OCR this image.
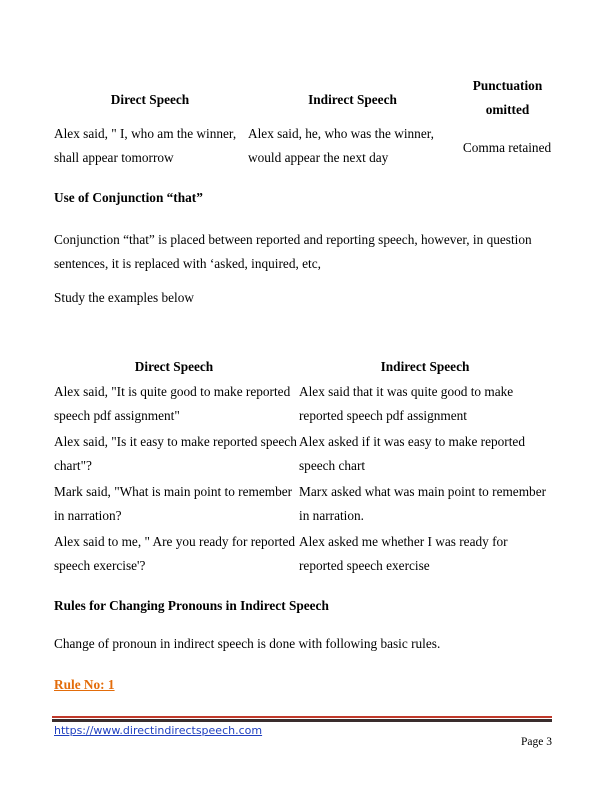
Direct Speech	Indirect Speech
Punctuation
omitted
Alex said, " I, who am the winner,
shall appear tomorrow
Alex said, he, who was the winner,
would appear the next day
Comma retained
Use of Conjunction “that”
Conjunction “that” is placed between reported and reporting speech, however, in question
sentences, it is replaced with ‘asked, inquired, etc,
Study the examples below
Direct Speech	Indirect Speech
Alex said, "It is quite good to make reported
speech pdf assignment"
Alex said that it was quite good to make
reported speech pdf assignment
Alex said, "Is it easy to make reported speech
chart"?
Alex asked if it was easy to make reported
speech chart
Mark said, "What is main point to remember
in narration?
Marx asked what was main point to remember
in narration.
Alex said to me, " Are you ready for reported
speech exercise'?
Alex asked me whether I was ready for
reported speech exercise
Rules for Changing Pronouns in Indirect Speech
Change of pronoun in indirect speech is done with following basic rules.
Rule No: 1
https://www.directindirectspeech.com
Page 3
